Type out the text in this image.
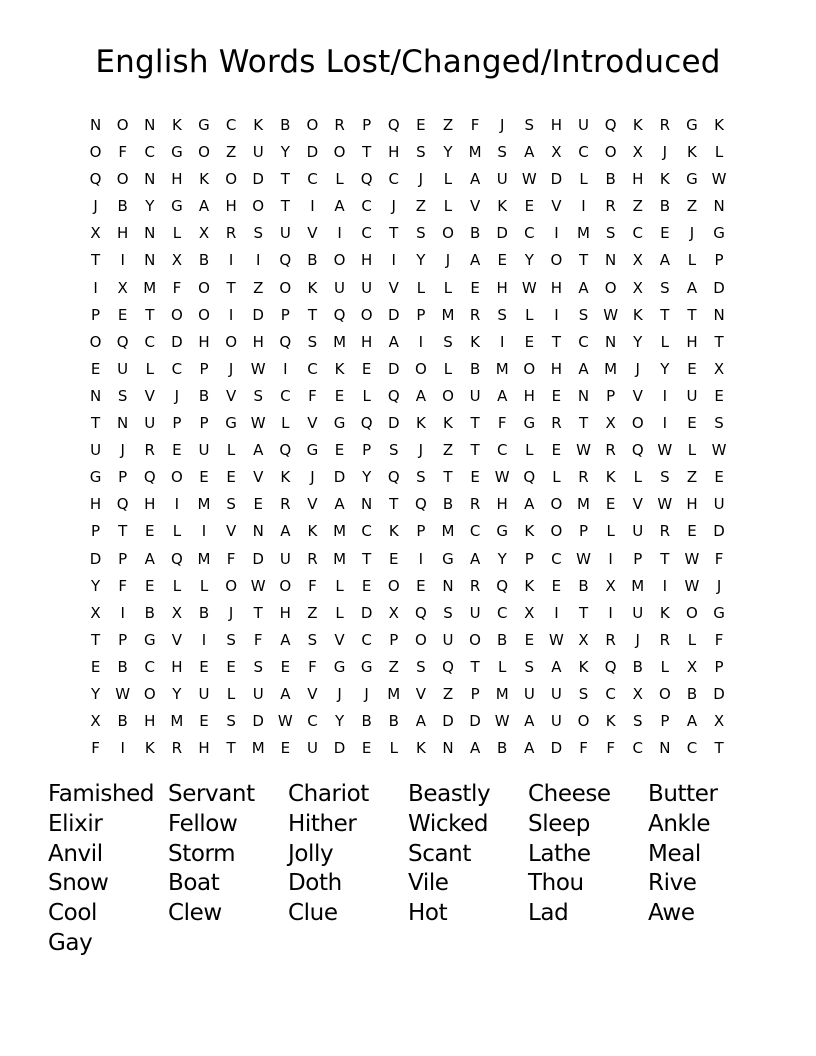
English Words Lost/Changed/Introduced
N	O	N	K	G	C	K	B	O	R	P	Q	E	Z	F	J	S	H	U	Q	K	R	G	K
O	F	C	G	O	Z	U	Y	D	O	T	H	S	Y	M	S	A	X	C	O	X	J	K	L
Q	O	N	H	K	O	D	T	C	L	Q	C	J	L	A	U W D	L	B	H	K	G W
J	B	Y	G	A	H	O	T	I	A	C	J	Z	L	V	K	E	V	I	R	Z	B	Z	N
X	H	N	L	X	R	S	U	V	I	C	T	S	O	B	D	C	I	M	S	C	E	J	G
T	I	N	X	B	I	I	Q	B	O	H	I	Y	J	A	E	Y	O	T	N	X	A	L	P
I	X	M	F	O	T	Z	O	K	U	U	V	L	L	E	H W H	A	O	X	S	A	D
P	E	T	O	O	I	D	P	T	Q	O	D	P	M	R	S	L	I	S W K	T	T	N
O	Q	C	D	H	O	H	Q	S	M H	A	I	S	K	I	E	T	C	N	Y	L	H	T
E	U	L	C	P	J	W	I	C	K	E	D	O	L	B	M O	H	A	M	J	Y	E	X
N	S	V	J	B	V	S	C	F	E	L	Q	A	O	U	A	H	E	N	P	V	I	U	E
T	N	U	P	P	G W	L	V	G	Q	D	K	K	T	F	G	R	T	X	O	I	E	S
U	J	R	E	U	L	A	Q	G	E	P	S	J	Z	T	C	L	E W R	Q W	L	W
G	P	Q	O	E	E	V	K	J	D	Y	Q	S	T	E W Q	L	R	K	L	S	Z	E
H	Q	H	I	M	S	E	R	V	A	N	T	Q	B	R	H	A	O M	E	V W H	U
P	T	E	L	I	V	N	A	K	M	C	K	P	M	C	G	K	O	P	L	U	R	E	D
D	P	A	Q M	F	D	U	R	M	T	E	I	G	A	Y	P	C W	I	P	T	W	F
Y	F	E	L	L	O W O	F	L	E	O	E	N	R	Q	K	E	B	X	M	I	W	J
X	I	B	X	B	J	T	H	Z	L	D	X	Q	S	U	C	X	I	T	I	U	K	O	G
T	P	G	V	I	S	F	A	S	V	C	P	O	U	O	B	E W X	R	J	R	L	F
E	B	C	H	E	E	S	E	F	G	G	Z	S	Q	T	L	S	A	K	Q	B	L	X	P
Y	W O	Y	U	L	U	A	V	J	J	M	V	Z	P	M	U	U	S	C	X	O	B	D
X	B	H	M	E	S	D W C	Y	B	B	A	D	D W A	U	O	K	S	P	A	X
F	I	K	R	H	T	M	E	U	D	E	L	K	N	A	B	A	D	F	F	C	N	C	T
Famished Servant	Chariot	Beastly	Cheese	Butter
Elixir	Fellow	Hither	Wicked	Sleep	Ankle
Anvil	Storm	Jolly	Scant	Lathe	Meal
Snow	Boat	Doth	Vile	Thou	Rive
Cool	Clew	Clue	Hot	Lad	Awe
Gay
